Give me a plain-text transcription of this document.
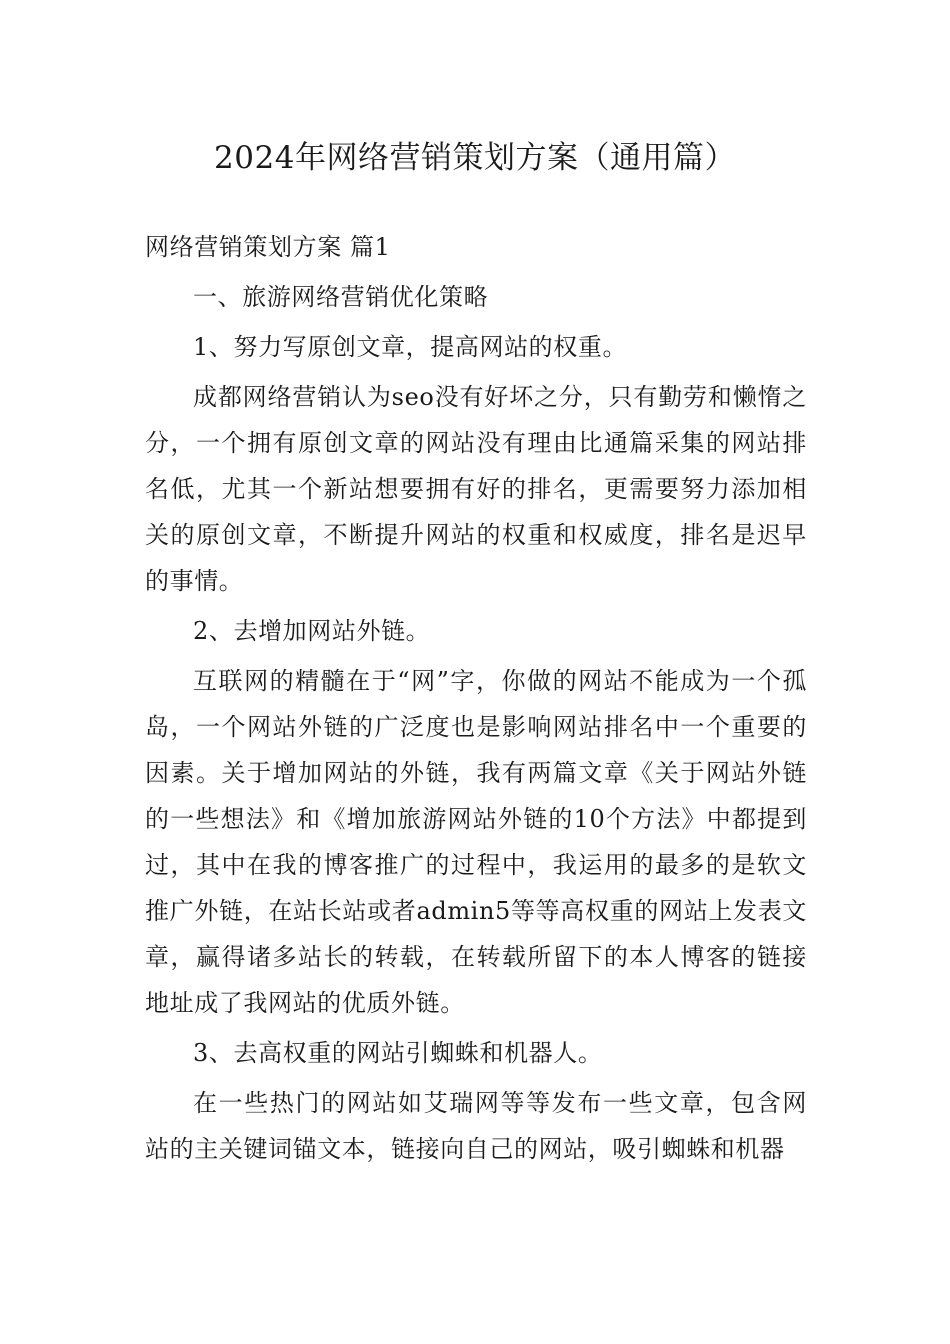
2024年网络营销策划方案（通用篇）

网络营销策划方案 篇1

一、旅游网络营销优化策略

1、努力写原创文章，提高网站的权重。

成都网络营销认为seo没有好坏之分，只有勤劳和懒惰之分，一个拥有原创文章的网站没有理由比通篇采集的网站排名低，尤其一个新站想要拥有好的排名，更需要努力添加相关的原创文章，不断提升网站的权重和权威度，排名是迟早的事情。

2、去增加网站外链。

互联网的精髓在于“网”字，你做的网站不能成为一个孤岛，一个网站外链的广泛度也是影响网站排名中一个重要的因素。关于增加网站的外链，我有两篇文章《关于网站外链的一些想法》和《增加旅游网站外链的10个方法》中都提到过，其中在我的博客推广的过程中，我运用的最多的是软文推广外链，在站长站或者admin5等等高权重的网站上发表文章，赢得诸多站长的转载，在转载所留下的本人博客的链接地址成了我网站的优质外链。

3、去高权重的网站引蜘蛛和机器人。

在一些热门的网站如艾瑞网等等发布一些文章，包含网站的主关键词锚文本，链接向自己的网站，吸引蜘蛛和机器
